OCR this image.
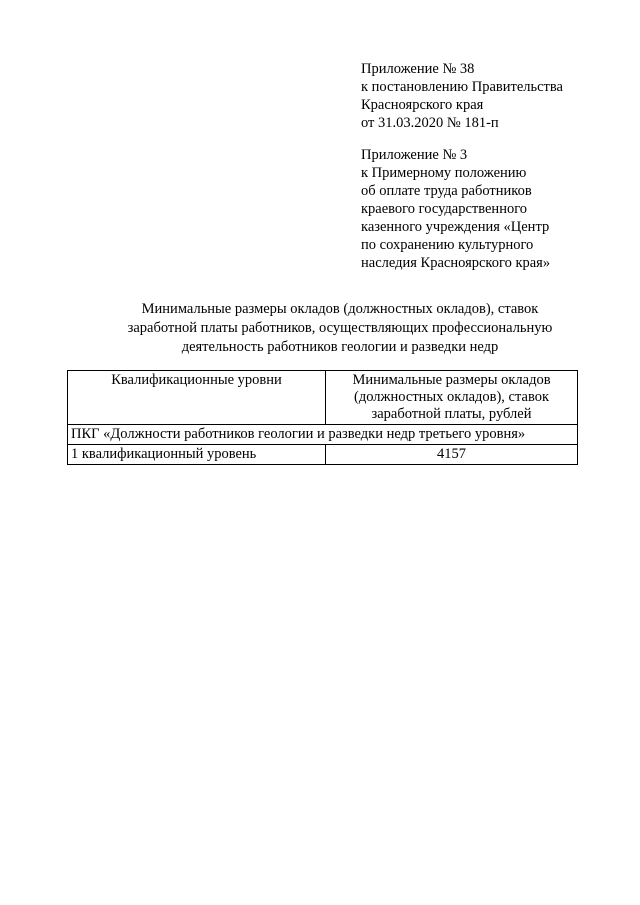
Приложение № 38
к постановлению Правительства
Красноярского края
от 31.03.2020 № 181-п
Приложение № 3
к Примерному положению
об оплате труда работников
краевого государственного
казенного учреждения «Центр
по сохранению культурного
наследия Красноярского края»
Минимальные размеры окладов (должностных окладов), ставок
заработной платы работников, осуществляющих профессиональную
деятельность работников геологии и разведки недр
Квалификационные уровни	Минимальные размеры окладов (должностных окладов), ставок заработной платы, рублей
ПКГ «Должности работников геологии и разведки недр третьего уровня»	
1 квалификационный уровень	4157
